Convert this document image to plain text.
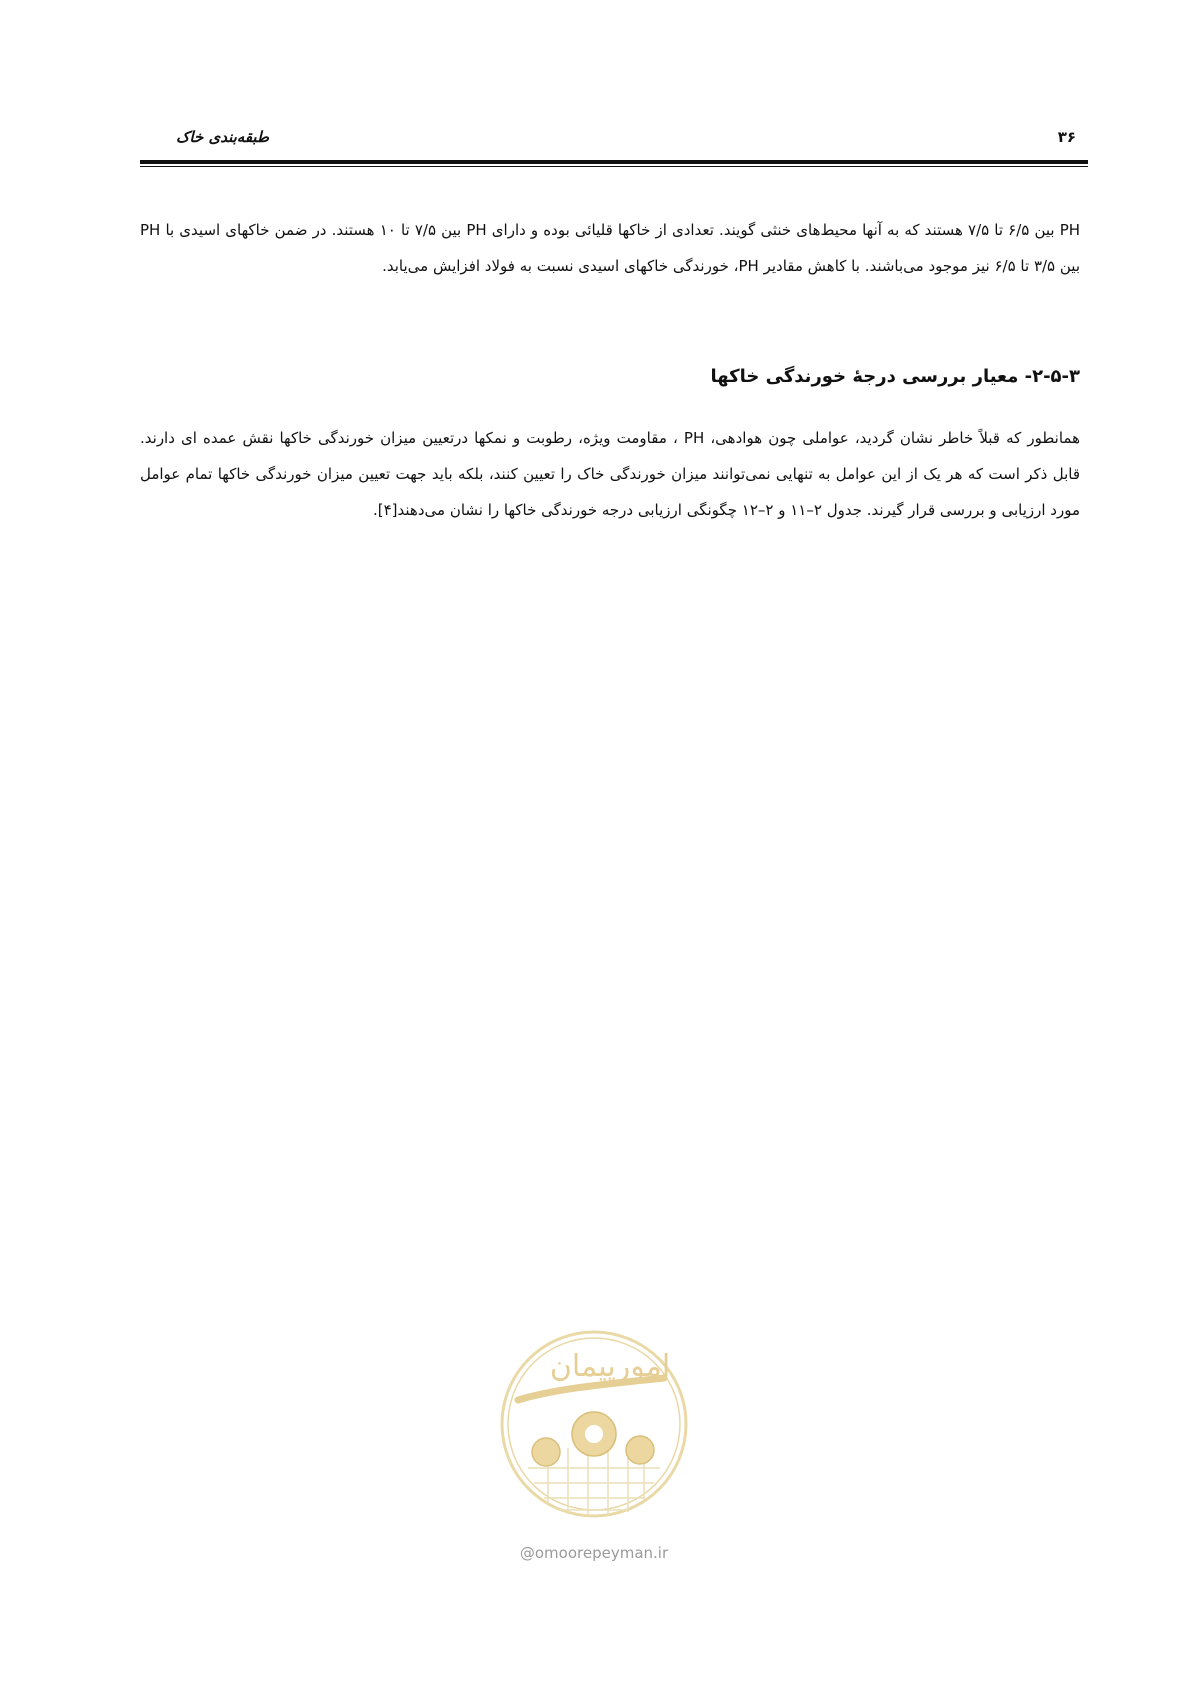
طبقه‌بندی خاک	۳۶

PH بین ۶/۵ تا ۷/۵ هستند که به آنها محیط‌های خنثی گویند. تعدادی از خاکها قلیائی بوده و دارای PH بین ۷/۵ تا ۱۰ هستند. در ضمن خاکهای اسیدی با PH بین ۳/۵ تا ۶/۵ نیز موجود می‌باشند. با کاهش مقادیر PH، خورندگی خاکهای اسیدی نسبت به فولاد افزایش می‌یابد.

۲-۵-۳- معیار بررسی درجهٔ خورندگی خاکها

همانطور که قبلاً خاطر نشان گردید، عواملی چون هوادهی، PH ، مقاومت ویژه، رطوبت و نمکها درتعیین میزان خورندگی خاکها نقش عمده ای دارند. قابل ذکر است که هر یک از این عوامل به تنهایی نمی‌توانند میزان خورندگی خاک را تعیین کنند، بلکه باید جهت تعیین میزان خورندگی خاکها تمام عوامل مورد ارزیابی و بررسی قرار گیرند. جدول ۲–۱۱ و ۲–۱۲ چگونگی ارزیابی درجه خورندگی خاکها را نشان می‌دهند[۴].

امورپیمان
@omoorepeyman.ir
